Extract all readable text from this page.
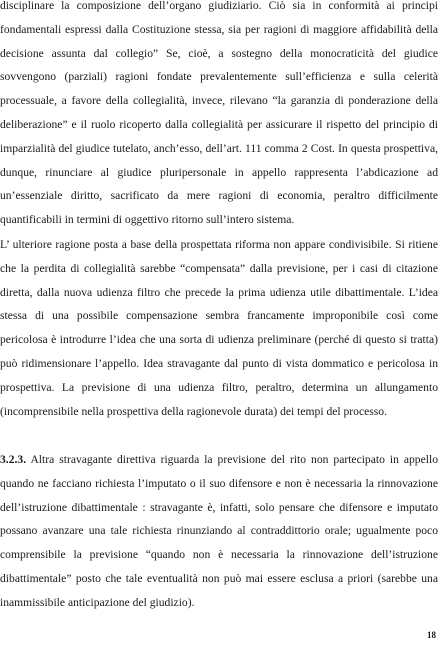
disciplinare la composizione dell’organo giudiziario. Ciò sia in conformità ai principi fondamentali espressi dalla Costituzione stessa, sia per ragioni di maggiore affidabilità della decisione assunta dal collegio” Se, cioè, a sostegno della monocraticità del giudice sovvengono (parziali) ragioni fondate prevalentemente sull’efficienza e sulla celerità processuale, a favore della collegialità, invece, rilevano “la garanzia di ponderazione della deliberazione” e il ruolo ricoperto dalla collegialità per assicurare il rispetto del principio di imparzialità del giudice tutelato, anch’esso, dell’art. 111 comma 2 Cost. In questa prospettiva, dunque, rinunciare al giudice pluripersonale in appello rappresenta l’abdicazione ad un’essenziale diritto, sacrificato da mere ragioni di economia, peraltro difficilmente quantificabili in termini di oggettivo ritorno sull’intero sistema.

L’ ulteriore ragione posta a base della prospettata riforma non appare condivisibile. Si ritiene che la perdita di collegialità sarebbe “compensata” dalla previsione, per i casi di citazione diretta, dalla nuova udienza filtro che precede la prima udienza utile dibattimentale. L’idea stessa di una possibile compensazione sembra francamente improponibile così come pericolosa è introdurre l’idea che una sorta di udienza preliminare (perché di questo si tratta) può ridimensionare l’appello. Idea stravagante dal punto di vista dommatico e pericolosa in prospettiva. La previsione di una udienza filtro, peraltro, determina un allungamento (incomprensibile nella prospettiva della ragionevole durata) dei tempi del processo.

3.2.3. Altra stravagante direttiva riguarda la previsione del rito non partecipato in appello quando ne facciano richiesta l’imputato o il suo difensore e non è necessaria la rinnovazione dell’istruzione dibattimentale : stravagante è, infatti, solo pensare che difensore e imputato possano avanzare una tale richiesta rinunziando al contraddittorio orale; ugualmente poco comprensibile la previsione “quando non è necessaria la rinnovazione dell’istruzione dibattimentale” posto che tale eventualità non può mai essere esclusa a priori (sarebbe una inammissibile anticipazione del giudizio).

18
